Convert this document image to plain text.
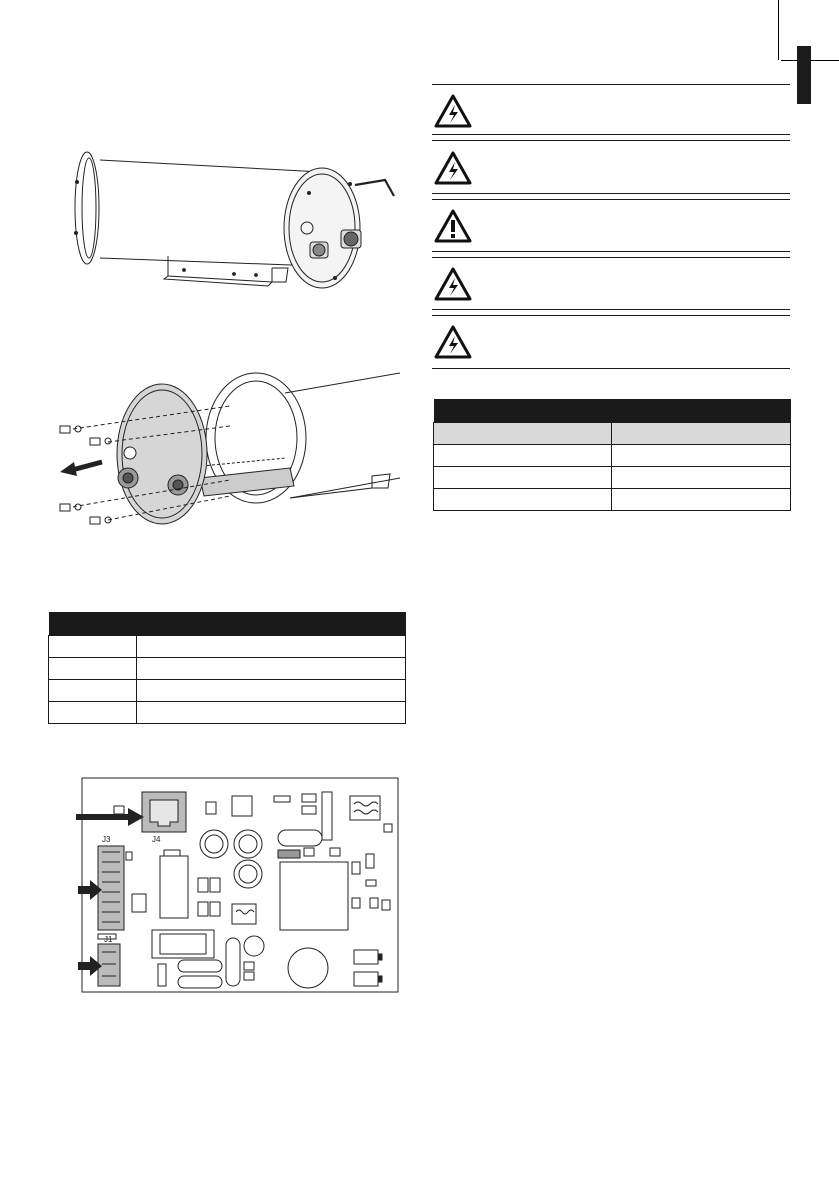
J4
J3
J1
